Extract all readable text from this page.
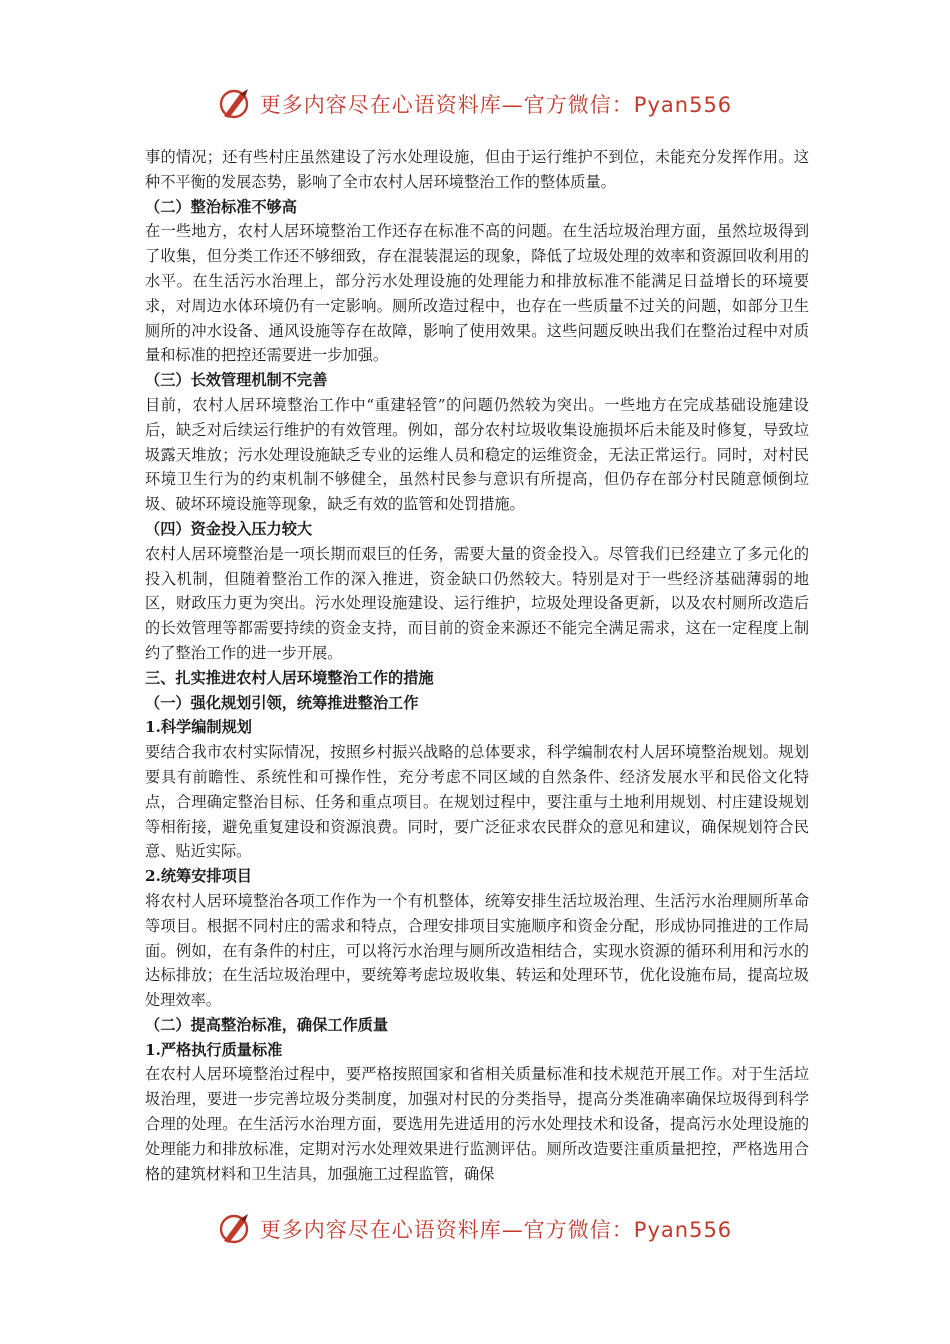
更多内容尽在心语资料库—官方微信：Pyan556

事的情况；还有些村庄虽然建设了污水处理设施，但由于运行维护不到位，未能充分发挥作用。这种不平衡的发展态势，影响了全市农村人居环境整治工作的整体质量。

（二）整治标准不够高

在一些地方，农村人居环境整治工作还存在标准不高的问题。在生活垃圾治理方面，虽然垃圾得到了收集，但分类工作还不够细致，存在混装混运的现象，降低了垃圾处理的效率和资源回收利用的水平。在生活污水治理上，部分污水处理设施的处理能力和排放标准不能满足日益增长的环境要求，对周边水体环境仍有一定影响。厕所改造过程中，也存在一些质量不过关的问题，如部分卫生厕所的冲水设备、通风设施等存在故障，影响了使用效果。这些问题反映出我们在整治过程中对质量和标准的把控还需要进一步加强。

（三）长效管理机制不完善

目前，农村人居环境整治工作中“重建轻管”的问题仍然较为突出。一些地方在完成基础设施建设后，缺乏对后续运行维护的有效管理。例如，部分农村垃圾收集设施损坏后未能及时修复，导致垃圾露天堆放；污水处理设施缺乏专业的运维人员和稳定的运维资金，无法正常运行。同时，对村民环境卫生行为的约束机制不够健全，虽然村民参与意识有所提高，但仍存在部分村民随意倾倒垃圾、破坏环境设施等现象，缺乏有效的监管和处罚措施。

（四）资金投入压力较大

农村人居环境整治是一项长期而艰巨的任务，需要大量的资金投入。尽管我们已经建立了多元化的投入机制，但随着整治工作的深入推进，资金缺口仍然较大。特别是对于一些经济基础薄弱的地区，财政压力更为突出。污水处理设施建设、运行维护，垃圾处理设备更新，以及农村厕所改造后的长效管理等都需要持续的资金支持，而目前的资金来源还不能完全满足需求，这在一定程度上制约了整治工作的进一步开展。

三、扎实推进农村人居环境整治工作的措施
（一）强化规划引领，统筹推进整治工作
1.科学编制规划

要结合我市农村实际情况，按照乡村振兴战略的总体要求，科学编制农村人居环境整治规划。规划要具有前瞻性、系统性和可操作性，充分考虑不同区域的自然条件、经济发展水平和民俗文化特点，合理确定整治目标、任务和重点项目。在规划过程中，要注重与土地利用规划、村庄建设规划等相衔接，避免重复建设和资源浪费。同时，要广泛征求农民群众的意见和建议，确保规划符合民意、贴近实际。

2.统筹安排项目

将农村人居环境整治各项工作作为一个有机整体，统筹安排生活垃圾治理、生活污水治理厕所革命等项目。根据不同村庄的需求和特点，合理安排项目实施顺序和资金分配，形成协同推进的工作局面。例如，在有条件的村庄，可以将污水治理与厕所改造相结合，实现水资源的循环利用和污水的达标排放；在生活垃圾治理中，要统筹考虑垃圾收集、转运和处理环节，优化设施布局，提高垃圾处理效率。

（二）提高整治标准，确保工作质量
1.严格执行质量标准

在农村人居环境整治过程中，要严格按照国家和省相关质量标准和技术规范开展工作。对于生活垃圾治理，要进一步完善垃圾分类制度，加强对村民的分类指导，提高分类准确率确保垃圾得到科学合理的处理。在生活污水治理方面，要选用先进适用的污水处理技术和设备，提高污水处理设施的处理能力和排放标准，定期对污水处理效果进行监测评估。厕所改造要注重质量把控，严格选用合格的建筑材料和卫生洁具，加强施工过程监管，确保

更多内容尽在心语资料库—官方微信：Pyan556
